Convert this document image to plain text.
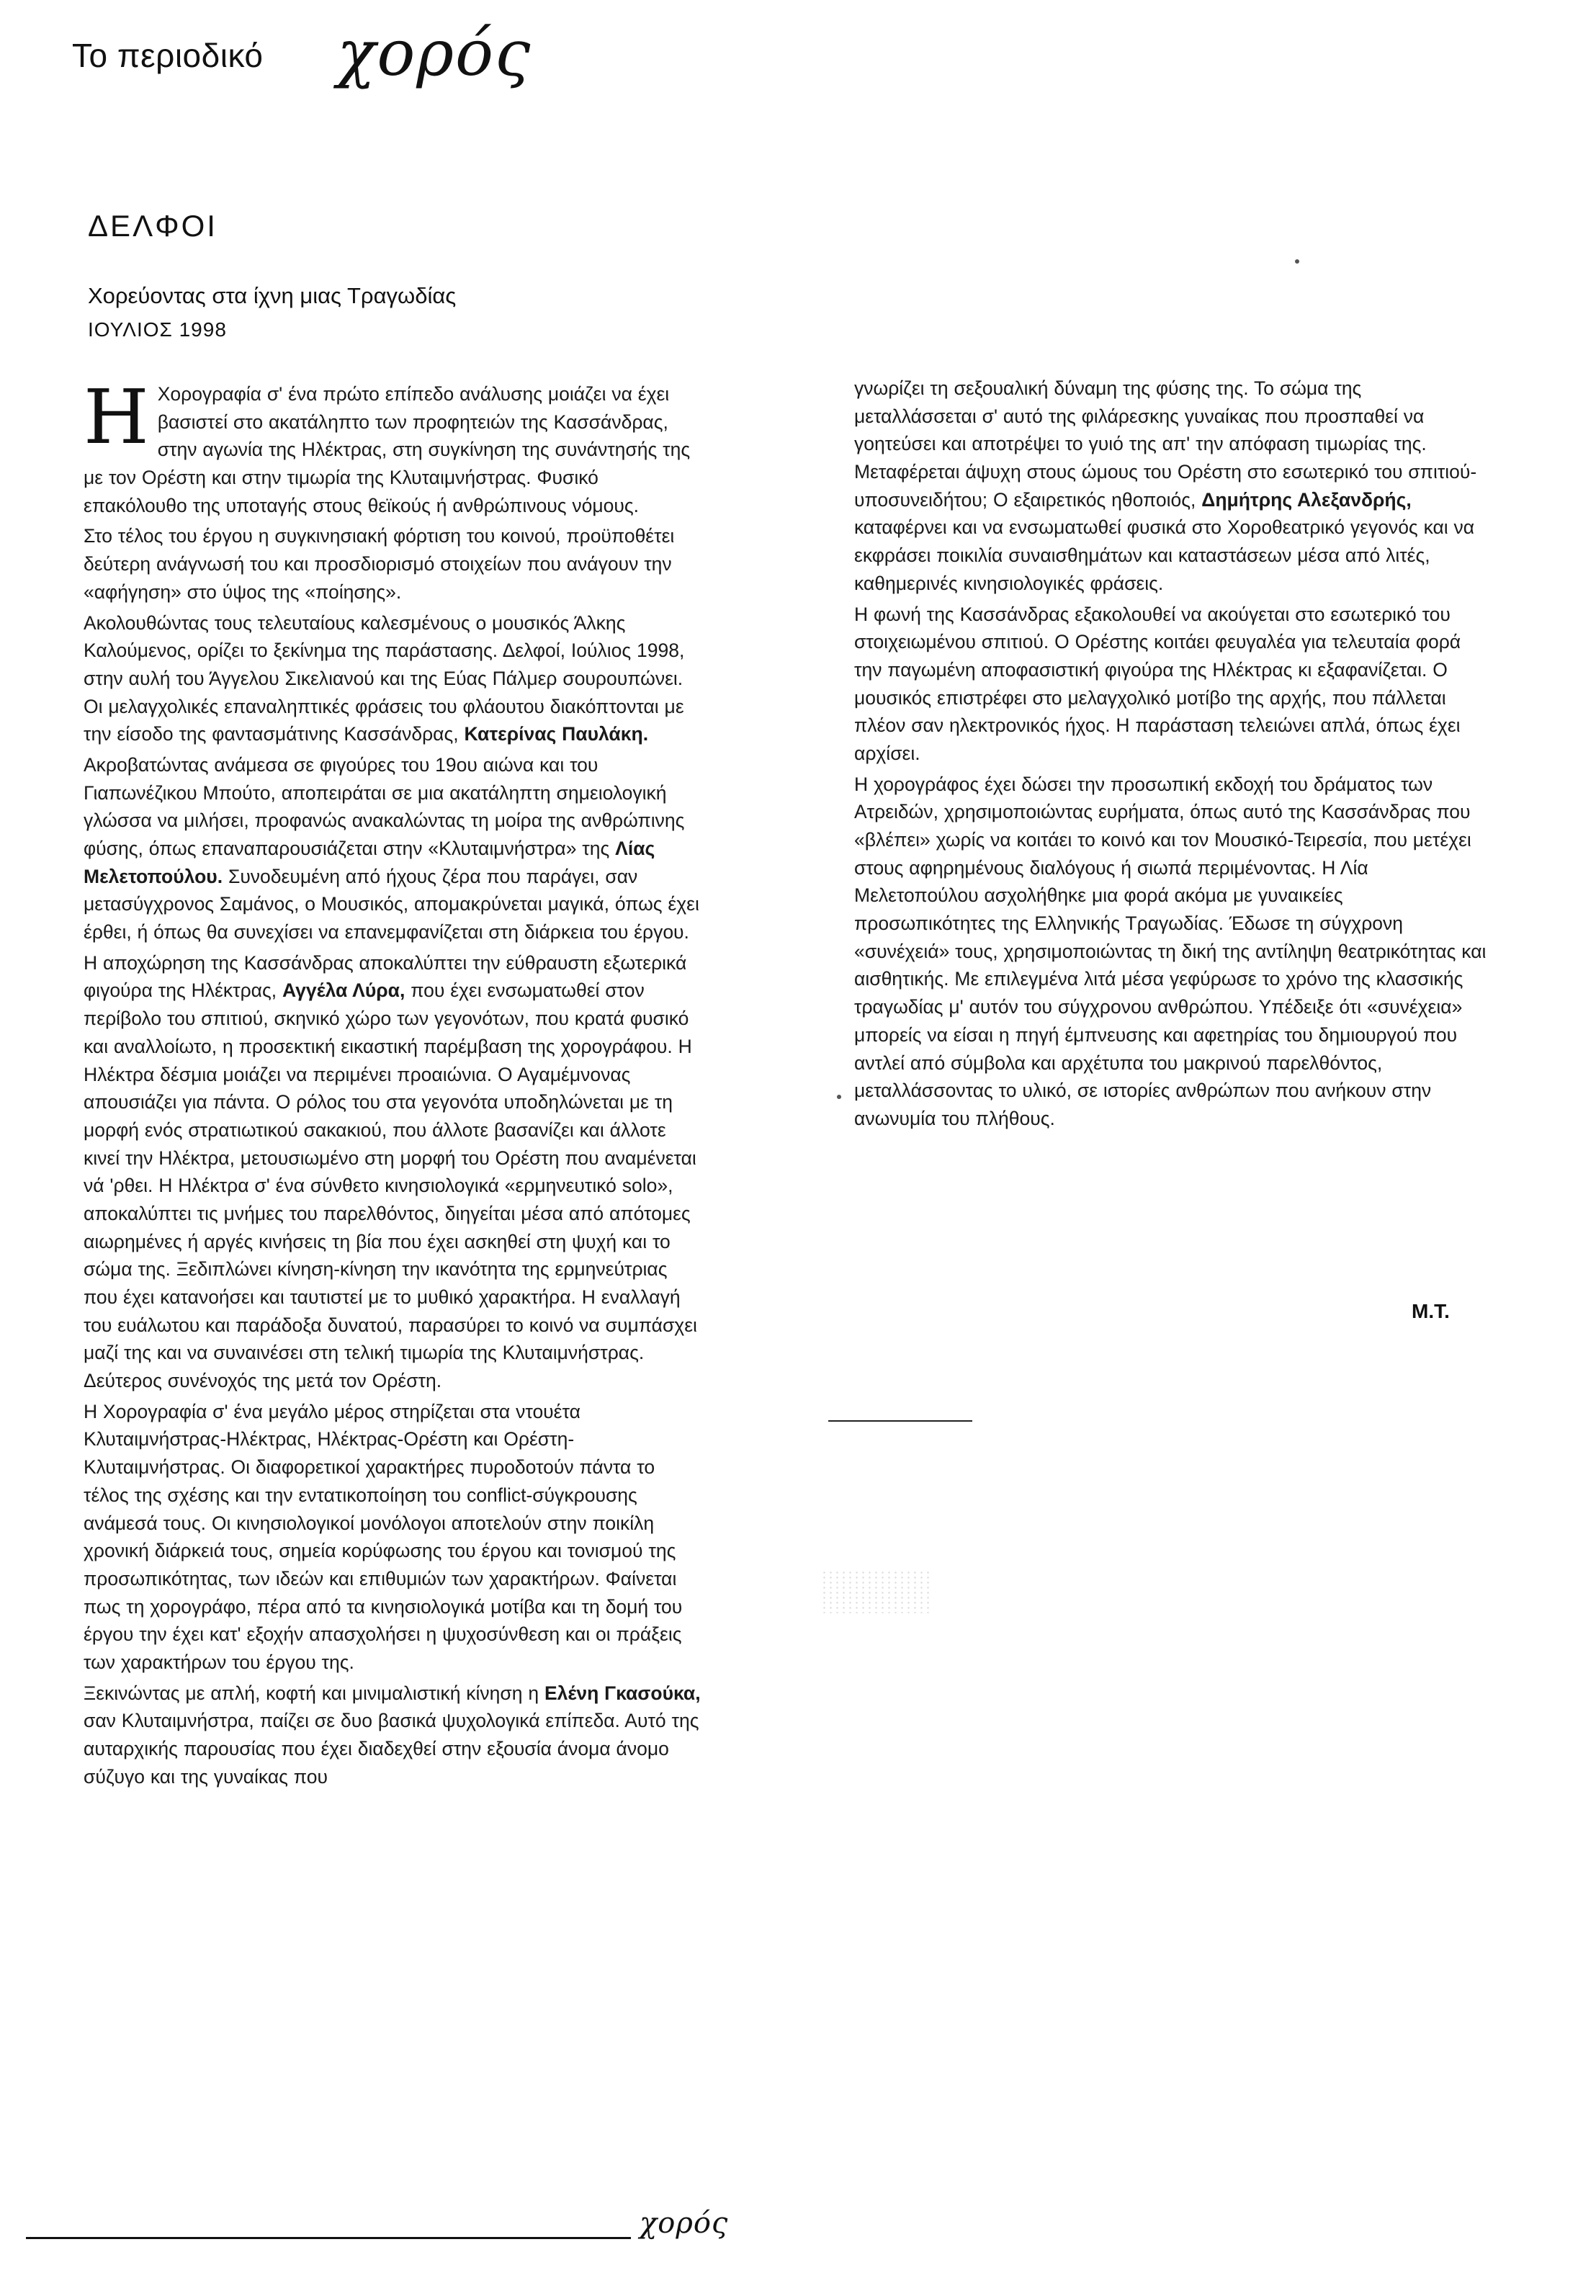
Το περιοδικό χορός
ΔΕΛΦΟΙ
Χορεύοντας στα ίχνη μιας Τραγωδίας
ΙΟΥΛΙΟΣ 1998

Η Χορογραφία σ' ένα πρώτο επίπεδο ανάλυσης μοιάζει να έχει βασιστεί στο ακατάληπτο των προφητειών της Κασσάνδρας, στην αγωνία της Ηλέκτρας, στη συγκίνηση της συνάντησής της με τον Ορέστη και στην τιμωρία της Κλυταιμνήστρας. Φυσικό επακόλουθο της υποταγής στους θεϊκούς ή ανθρώπινους νόμους.

Στο τέλος του έργου η συγκινησιακή φόρτιση του κοινού, προϋποθέτει δεύτερη ανάγνωσή του και προσδιορισμό στοιχείων που ανάγουν την «αφήγηση» στο ύψος της «ποίησης».

Ακολουθώντας τους τελευταίους καλεσμένους ο μουσικός Άλκης Καλούμενος, ορίζει το ξεκίνημα της παράστασης. Δελφοί, Ιούλιος 1998, στην αυλή του Άγγελου Σικελιανού και της Εύας Πάλμερ σουρουπώνει. Οι μελαγχολικές επαναληπτικές φράσεις του φλάουτου διακόπτονται με την είσοδο της φαντασμάτινης Κασσάνδρας, Κατερίνας Παυλάκη.

Ακροβατώντας ανάμεσα σε φιγούρες του 19ου αιώνα και του Γιαπωνέζικου Μπούτο, αποπειράται σε μια ακατάληπτη σημειολογική γλώσσα να μιλήσει, προφανώς ανακαλώντας τη μοίρα της ανθρώπινης φύσης, όπως επαναπαρουσιάζεται στην «Κλυταιμνήστρα» της Λίας Μελετοπούλου. Συνοδευμένη από ήχους ζέρα που παράγει, σαν μετασύγχρονος Σαμάνος, ο Μουσικός, απομακρύνεται μαγικά, όπως έχει έρθει, ή όπως θα συνεχίσει να επανεμφανίζεται στη διάρκεια του έργου.

Η αποχώρηση της Κασσάνδρας αποκαλύπτει την εύθραυστη εξωτερικά φιγούρα της Ηλέκτρας, Αγγέλα Λύρα, που έχει ενσωματωθεί στον περίβολο του σπιτιού, σκηνικό χώρο των γεγονότων, που κρατά φυσικό και αναλλοίωτο, η προσεκτική εικαστική παρέμβαση της χορογράφου. Η Ηλέκτρα δέσμια μοιάζει να περιμένει προαιώνια. Ο Αγαμέμνονας απουσιάζει για πάντα. Ο ρόλος του στα γεγονότα υποδηλώνεται με τη μορφή ενός στρατιωτικού σακακιού, που άλλοτε βασανίζει και άλλοτε κινεί την Ηλέκτρα, μετουσιωμένο στη μορφή του Ορέστη που αναμένεται νά 'ρθει. Η Ηλέκτρα σ' ένα σύνθετο κινησιολογικά «ερμηνευτικό solo», αποκαλύπτει τις μνήμες του παρελθόντος, διηγείται μέσα από απότομες αιωρημένες ή αργές κινήσεις τη βία που έχει ασκηθεί στη ψυχή και το σώμα της. Ξεδιπλώνει κίνηση-κίνηση την ικανότητα της ερμηνεύτριας που έχει κατανοήσει και ταυτιστεί με το μυθικό χαρακτήρα. Η εναλλαγή του ευάλωτου και παράδοξα δυνατού, παρασύρει το κοινό να συμπάσχει μαζί της και να συναινέσει στη τελική τιμωρία της Κλυταιμνήστρας. Δεύτερος συνένοχός της μετά τον Ορέστη.

Η Χορογραφία σ' ένα μεγάλο μέρος στηρίζεται στα ντουέτα Κλυταιμνήστρας-Ηλέκτρας, Ηλέκτρας-Ορέστη και Ορέστη-Κλυταιμνήστρας. Οι διαφορετικοί χαρακτήρες πυροδοτούν πάντα το τέλος της σχέσης και την εντατικοποίηση του conflict-σύγκρουσης ανάμεσά τους. Οι κινησιολογικοί μονόλογοι αποτελούν στην ποικίλη χρονική διάρκειά τους, σημεία κορύφωσης του έργου και τονισμού της προσωπικότητας, των ιδεών και επιθυμιών των χαρακτήρων. Φαίνεται πως τη χορογράφο, πέρα από τα κινησιολογικά μοτίβα και τη δομή του έργου την έχει κατ' εξοχήν απασχολήσει η ψυχοσύνθεση και οι πράξεις των χαρακτήρων του έργου της.

Ξεκινώντας με απλή, κοφτή και μινιμαλιστική κίνηση η Ελένη Γκασούκα, σαν Κλυταιμνήστρα, παίζει σε δυο βασικά ψυχολογικά επίπεδα. Αυτό της αυταρχικής παρουσίας που έχει διαδεχθεί στην εξουσία άνομα άνομο σύζυγο και της γυναίκας που

γνωρίζει τη σεξουαλική δύναμη της φύσης της. Το σώμα της μεταλλάσσεται σ' αυτό της φιλάρεσκης γυναίκας που προσπαθεί να γοητεύσει και αποτρέψει το γυιό της απ' την απόφαση τιμωρίας της. Μεταφέρεται άψυχη στους ώμους του Ορέστη στο εσωτερικό του σπιτιού-υποσυνειδήτου; Ο εξαιρετικός ηθοποιός, Δημήτρης Αλεξανδρής, καταφέρνει και να ενσωματωθεί φυσικά στο Χοροθεατρικό γεγονός και να εκφράσει ποικιλία συναισθημάτων και καταστάσεων μέσα από λιτές, καθημερινές κινησιολογικές φράσεις.

Η φωνή της Κασσάνδρας εξακολουθεί να ακούγεται στο εσωτερικό του στοιχειωμένου σπιτιού. Ο Ορέστης κοιτάει φευγαλέα για τελευταία φορά την παγωμένη αποφασιστική φιγούρα της Ηλέκτρας κι εξαφανίζεται. Ο μουσικός επιστρέφει στο μελαγχολικό μοτίβο της αρχής, που πάλλεται πλέον σαν ηλεκτρονικός ήχος. Η παράσταση τελειώνει απλά, όπως έχει αρχίσει.

Η χορογράφος έχει δώσει την προσωπική εκδοχή του δράματος των Ατρειδών, χρησιμοποιώντας ευρήματα, όπως αυτό της Κασσάνδρας που «βλέπει» χωρίς να κοιτάει το κοινό και τον Μουσικό-Τειρεσία, που μετέχει στους αφηρημένους διαλόγους ή σιωπά περιμένοντας. Η Λία Μελετοπούλου ασχολήθηκε μια φορά ακόμα με γυναικείες προσωπικότητες της Ελληνικής Τραγωδίας. Έδωσε τη σύγχρονη «συνέχειά» τους, χρησιμοποιώντας τη δική της αντίληψη θεατρικότητας και αισθητικής. Με επιλεγμένα λιτά μέσα γεφύρωσε το χρόνο της κλασσικής τραγωδίας μ' αυτόν του σύγχρονου ανθρώπου. Υπέδειξε ότι «συνέχεια» μπορείς να είσαι η πηγή έμπνευσης και αφετηρίας του δημιουργού που αντλεί από σύμβολα και αρχέτυπα του μακρινού παρελθόντος, μεταλλάσσοντας το υλικό, σε ιστορίες ανθρώπων που ανήκουν στην ανωνυμία του πλήθους.

Μ.Τ.
χορός
